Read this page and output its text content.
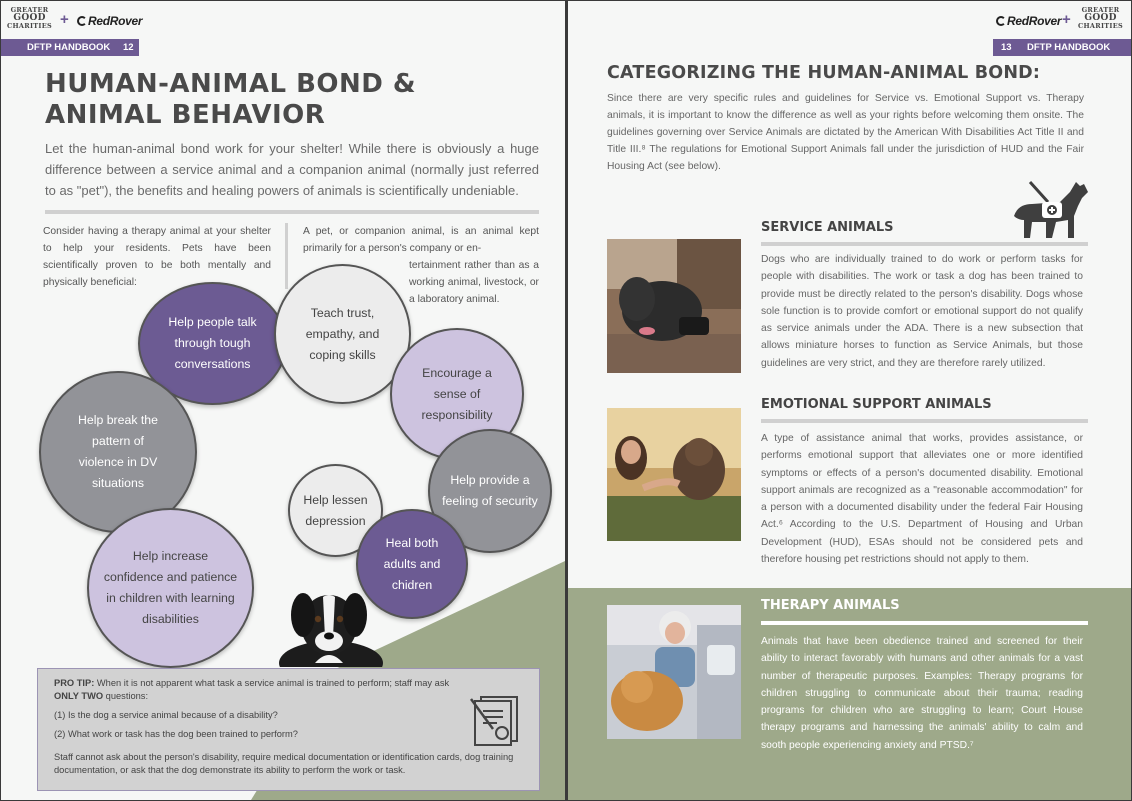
GREATER

GOOD
CHARITIES +	RedRover
DFTP HANDBOOK 12
HUMAN-ANIMAL BOND &
ANIMAL BEHAVIOR

Let the human-animal bond work for your shelter! While there is obviously a huge difference between a service animal and a companion animal (normally just referred to as "pet"), the benefits and healing powers of animals is scientifically undeniable.

Consider having a therapy animal at your shelter to help your residents. Pets have been scientifically proven to be both mentally and physically beneficial:

A pet, or companion animal, is an animal kept primarily for a person's company or en-

tertainment rather than as a working animal, livestock, or a laboratory animal.

Help people talk through tough conversations
Teach trust, empathy, and coping skills
Encourage a sense of responsibility
Help break the pattern of violence in DV situations	Help provide a feeling of security
Help lessen depression
Heal both adults and chidren
Help increase confidence and patience in children with learning disabilities

PRO TIP: When it is not apparent what task a service animal is trained to perform; staff may ask
ONLY TWO questions:

(1) Is the dog a service animal because of a disability?

(2) What work or task has the dog been trained to perform?

Staff cannot ask about the person's disability, require medical documentation or identification cards, dog training documentation, or ask that the dog demonstrate its ability to perform the work or task.

RedRover +
GREATER

GOOD
CHARITIES
13 DFTP HANDBOOK
CATEGORIZING THE HUMAN-ANIMAL BOND:

Since there are very specific rules and guidelines for Service vs. Emotional Support vs. Therapy animals, it is important to know the difference as well as your rights before welcoming them onsite. The guidelines governing over Service Animals are dictated by the American With Disabilities Act Title II and Title III.⁸ The regulations for Emotional Support Animals fall under the jurisdiction of HUD and the Fair Housing Act (see below).

SERVICE ANIMALS

Dogs who are individually trained to do work or perform tasks for people with disabilities. The work or task a dog has been trained to provide must be directly related to the person's disability. Dogs whose sole function is to provide comfort or emotional support do not qualify as service animals under the ADA. There is a new subsection that allows miniature horses to function as Service Animals, but those guidelines are very strict, and they are therefore rarely utilized.

EMOTIONAL SUPPORT ANIMALS

A type of assistance animal that works, provides assistance, or performs emotional support that alleviates one or more identified symptoms or effects of a person's documented disability. Emotional support animals are recognized as a "reasonable accommodation" for a person with a documented disability under the federal Fair Housing Act.⁶ According to the U.S. Department of Housing and Urban Development (HUD), ESAs should not be considered pets and therefore housing pet restrictions should not apply to them.

THERAPY ANIMALS

Animals that have been obedience trained and screened for their ability to interact favorably with humans and other animals for a vast number of therapeutic purposes. Examples: Therapy programs for children struggling to communicate about their trauma; reading programs for children who are struggling to learn; Court House therapy programs and harnessing the animals' ability to calm and sooth people experiencing anxiety and PTSD.⁷
